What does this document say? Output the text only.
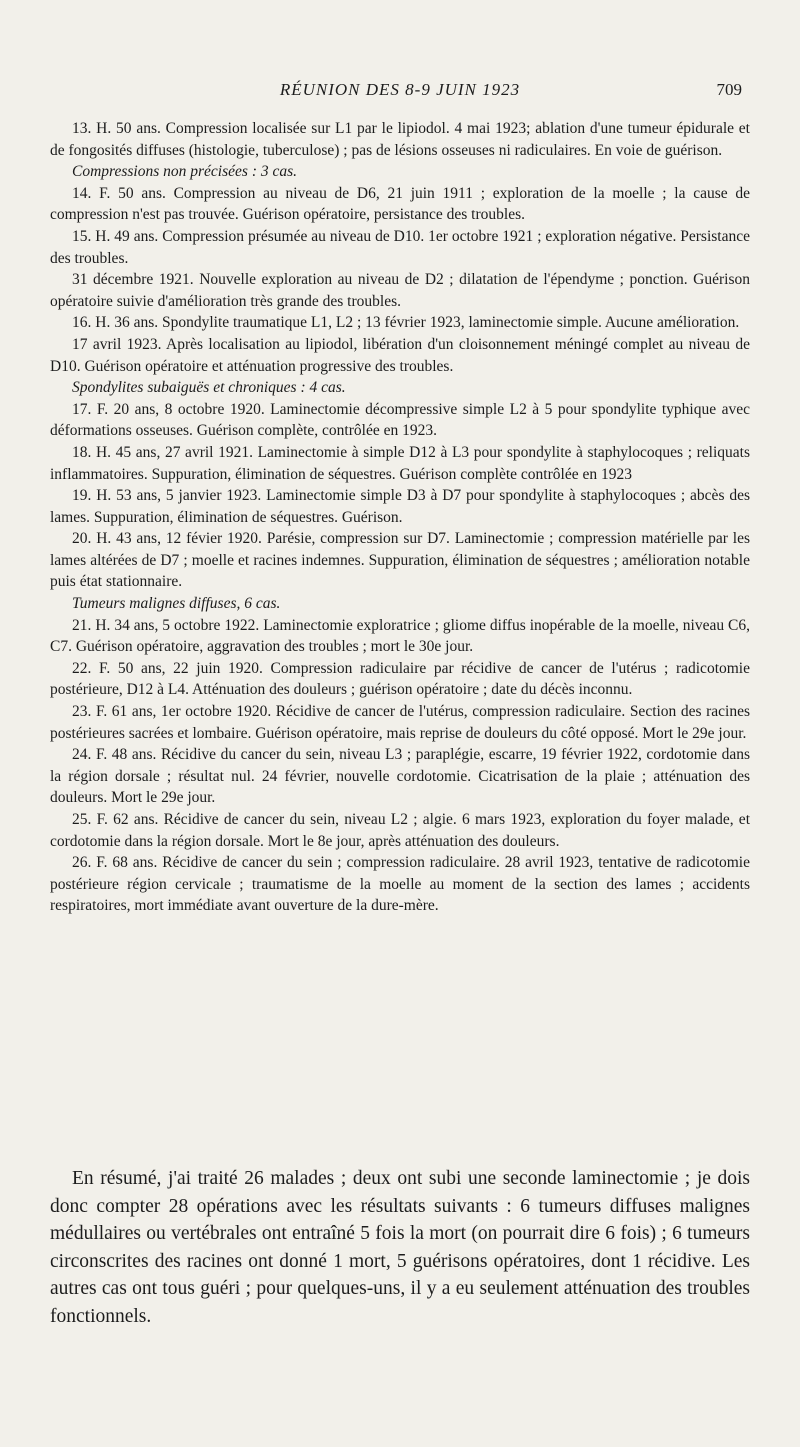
RÉUNION DES 8-9 JUIN 1923	709

13. H. 50 ans. Compression localisée sur L1 par le lipiodol. 4 mai 1923; ablation d'une tumeur épidurale et de fongosités diffuses (histologie, tuberculose) ; pas de lésions osseuses ni radiculaires. En voie de guérison.

Compressions non précisées : 3 cas.

14. F. 50 ans. Compression au niveau de D6, 21 juin 1911 ; exploration de la moelle ; la cause de compression n'est pas trouvée. Guérison opératoire, persistance des troubles.

15. H. 49 ans. Compression présumée au niveau de D10. 1er octobre 1921 ; exploration négative. Persistance des troubles.

31 décembre 1921. Nouvelle exploration au niveau de D2 ; dilatation de l'épendyme ; ponction. Guérison opératoire suivie d'amélioration très grande des troubles.

16. H. 36 ans. Spondylite traumatique L1, L2 ; 13 février 1923, laminectomie simple. Aucune amélioration.

17 avril 1923. Après localisation au lipiodol, libération d'un cloisonnement méningé complet au niveau de D10. Guérison opératoire et atténuation progressive des troubles.

Spondylites subaiguës et chroniques : 4 cas.

17. F. 20 ans, 8 octobre 1920. Laminectomie décompressive simple L2 à 5 pour spondylite typhique avec déformations osseuses. Guérison complète, contrôlée en 1923.

18. H. 45 ans, 27 avril 1921. Laminectomie à simple D12 à L3 pour spondylite à staphylocoques ; reliquats inflammatoires. Suppuration, élimination de séquestres. Guérison complète contrôlée en 1923

19. H. 53 ans, 5 janvier 1923. Laminectomie simple D3 à D7 pour spondylite à staphylocoques ; abcès des lames. Suppuration, élimination de séquestres. Guérison.

20. H. 43 ans, 12 févier 1920. Parésie, compression sur D7. Laminectomie ; compression matérielle par les lames altérées de D7 ; moelle et racines indemnes. Suppuration, élimination de séquestres ; amélioration notable puis état stationnaire.

Tumeurs malignes diffuses, 6 cas.

21. H. 34 ans, 5 octobre 1922. Laminectomie exploratrice ; gliome diffus inopérable de la moelle, niveau C6, C7. Guérison opératoire, aggravation des troubles ; mort le 30e jour.

22. F. 50 ans, 22 juin 1920. Compression radiculaire par récidive de cancer de l'utérus ; radicotomie postérieure, D12 à L4. Atténuation des douleurs ; guérison opératoire ; date du décès inconnu.

23. F. 61 ans, 1er octobre 1920. Récidive de cancer de l'utérus, compression radiculaire. Section des racines postérieures sacrées et lombaire. Guérison opératoire, mais reprise de douleurs du côté opposé. Mort le 29e jour.

24. F. 48 ans. Récidive du cancer du sein, niveau L3 ; paraplégie, escarre, 19 février 1922, cordotomie dans la région dorsale ; résultat nul. 24 février, nouvelle cordotomie. Cicatrisation de la plaie ; atténuation des douleurs. Mort le 29e jour.

25. F. 62 ans. Récidive de cancer du sein, niveau L2 ; algie. 6 mars 1923, exploration du foyer malade, et cordotomie dans la région dorsale. Mort le 8e jour, après atténuation des douleurs.

26. F. 68 ans. Récidive de cancer du sein ; compression radiculaire. 28 avril 1923, tentative de radicotomie postérieure région cervicale ; traumatisme de la moelle au moment de la section des lames ; accidents respiratoires, mort immédiate avant ouverture de la dure-mère.

En résumé, j'ai traité 26 malades ; deux ont subi une seconde laminectomie ; je dois donc compter 28 opérations avec les résultats suivants : 6 tumeurs diffuses malignes médullaires ou vertébrales ont entraîné 5 fois la mort (on pourrait dire 6 fois) ; 6 tumeurs circonscrites des racines ont donné 1 mort, 5 guérisons opératoires, dont 1 récidive. Les autres cas ont tous guéri ; pour quelques-uns, il y a eu seulement atténuation des troubles fonctionnels.
